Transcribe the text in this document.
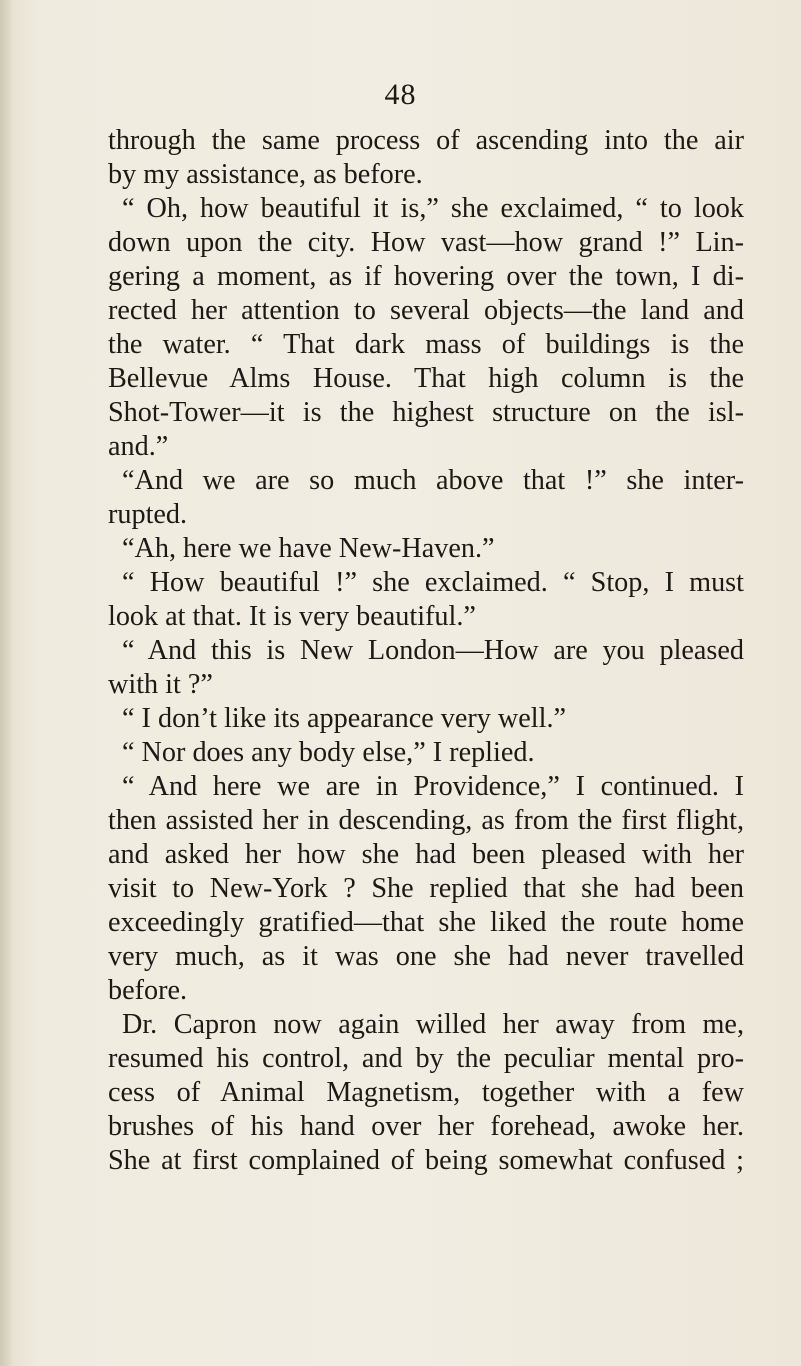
48
through the same process of ascending into the air
by my assistance, as before.
“ Oh, how beautiful it is,” she exclaimed, “ to look
down upon the city. How vast—how grand !” Lin-
gering a moment, as if hovering over the town, I di-
rected her attention to several objects—the land and
the water. “ That dark mass of buildings is the
Bellevue Alms House. That high column is the
Shot-Tower—it is the highest structure on the isl-
and.”
“And we are so much above that !” she inter-
rupted.
“Ah, here we have New-Haven.”
“ How beautiful !” she exclaimed. “ Stop, I must
look at that. It is very beautiful.”
“ And this is New London—How are you pleased
with it ?”
“ I don’t like its appearance very well.”
“ Nor does any body else,” I replied.
“ And here we are in Providence,” I continued. I
then assisted her in descending, as from the first flight,
and asked her how she had been pleased with her
visit to New-York ? She replied that she had been
exceedingly gratified—that she liked the route home
very much, as it was one she had never travelled
before.
Dr. Capron now again willed her away from me,
resumed his control, and by the peculiar mental pro-
cess of Animal Magnetism, together with a few
brushes of his hand over her forehead, awoke her.
She at first complained of being somewhat confused ;
